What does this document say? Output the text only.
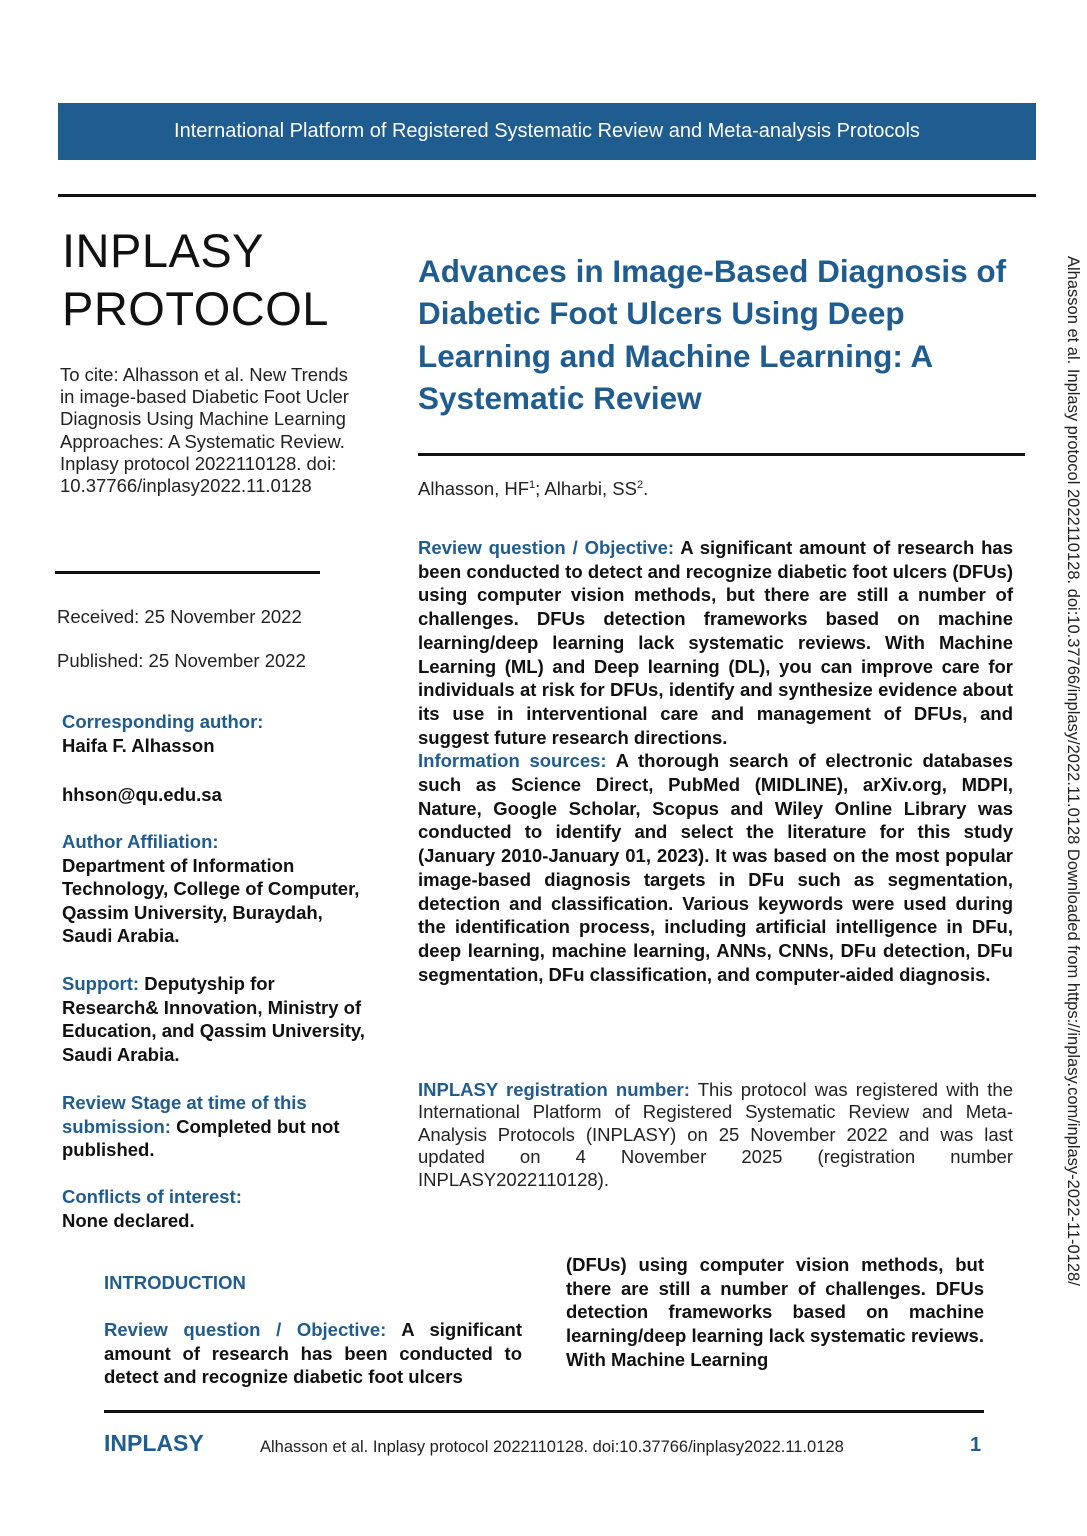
International Platform of Registered Systematic Review and Meta-analysis Protocols
INPLASY
PROTOCOL
To cite: Alhasson et al. New Trends in image-based Diabetic Foot Ucler Diagnosis Using Machine Learning Approaches: A Systematic Review. Inplasy protocol 2022110128. doi: 10.37766/inplasy2022.11.0128
Received: 25 November 2022
Published: 25 November 2022
Corresponding author:
Haifa F. Alhasson
hhson@qu.edu.sa
Author Affiliation:
Department of Information Technology, College of Computer, Qassim University, Buraydah, Saudi Arabia.
Support: Deputyship for Research& Innovation, Ministry of Education, and Qassim University, Saudi Arabia.
Review Stage at time of this submission: Completed but not published.
Conflicts of interest:
None declared.
Advances in Image-Based Diagnosis of Diabetic Foot Ulcers Using Deep Learning and Machine Learning: A Systematic Review
Alhasson, $HF^1$; Alharbi, $SS^2$.
Review question / Objective: A significant amount of research has been conducted to detect and recognize diabetic foot ulcers (DFUs) using computer vision methods, but there are still a number of challenges. DFUs detection frameworks based on machine learning/deep learning lack systematic reviews. With Machine Learning (ML) and Deep learning (DL), you can improve care for individuals at risk for DFUs, identify and synthesize evidence about its use in interventional care and management of DFUs, and suggest future research directions.
Information sources: A thorough search of electronic databases such as Science Direct, PubMed (MIDLINE), arXiv.org, MDPI, Nature, Google Scholar, Scopus and Wiley Online Library was conducted to identify and select the literature for this study (January 2010-January 01, 2023). It was based on the most popular image-based diagnosis targets in DFu such as segmentation, detection and classification. Various keywords were used during the identification process, including artificial intelligence in DFu, deep learning, machine learning, ANNs, CNNs, DFu detection, DFu segmentation, DFu classification, and computer-aided diagnosis.
INPLASY registration number: This protocol was registered with the International Platform of Registered Systematic Review and Meta-Analysis Protocols (INPLASY) on 25 November 2022 and was last updated on 4 November 2025 (registration number INPLASY2022110128).
INTRODUCTION
Review question / Objective: A significant amount of research has been conducted to detect and recognize diabetic foot ulcers
(DFUs) using computer vision methods, but there are still a number of challenges. DFUs detection frameworks based on machine learning/deep learning lack systematic reviews. With Machine Learning
INPLASY	Alhasson et al. Inplasy protocol 2022110128. doi:10.37766/inplasy2022.11.0128	1
Alhasson et al. Inplasy protocol 2022110128. doi:10.37766/inplasy/2022.11.0128 Downloaded from https://inplasy.com/inplasy-2022-11-0128/
